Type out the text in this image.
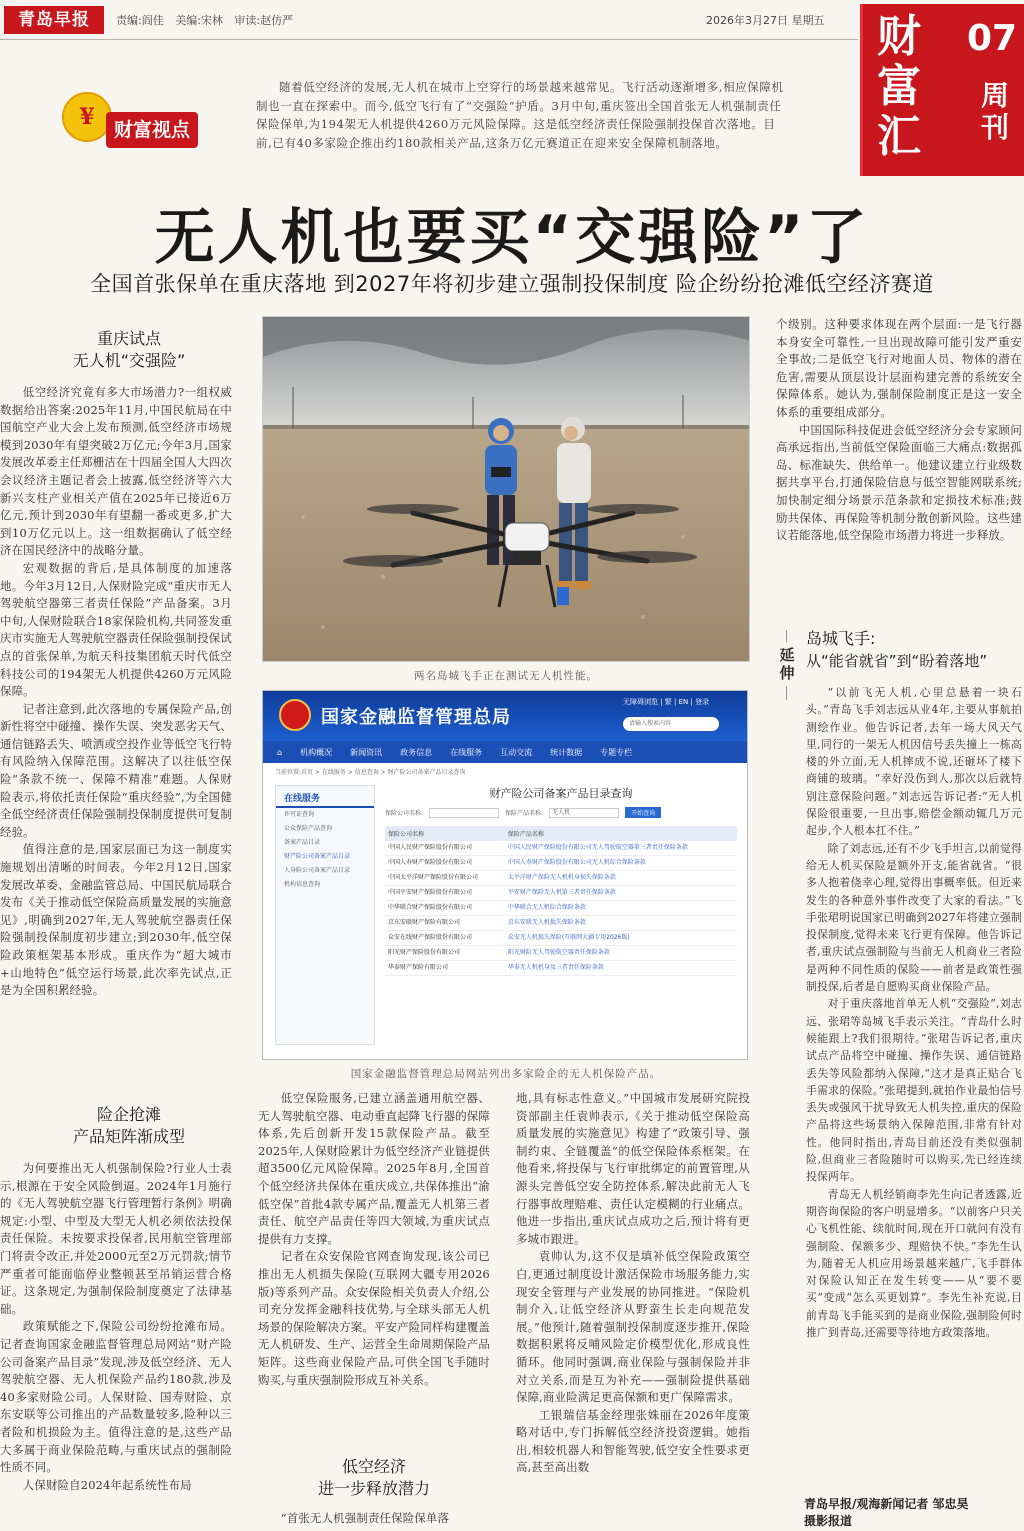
青岛早报	责编:阎佳 美编:宋林 审读:赵仿严	2026年3月27日 星期五 财富汇
07
周刊
¥	财富视点
随着低空经济的发展,无人机在城市上空穿行的场景越来越常见。飞行活动逐渐增多,相应保障机制也一直在探索中。而今,低空飞行有了“交强险”护盾。3月中旬,重庆签出全国首张无人机强制责任保险保单,为194架无人机提供4260万元风险保障。这是低空经济责任保险强制投保首次落地。目前,已有40多家险企推出约180款相关产品,这条万亿元赛道正在迎来安全保障机制落地。
无人机也要买“交强险”了
全国首张保单在重庆落地 到2027年将初步建立强制投保制度 险企纷纷抢滩低空经济赛道
重庆试点
无人机“交强险”

低空经济究竟有多大市场潜力?一组权威数据给出答案:2025年11月,中国民航局在中国航空产业大会上发布预测,低空经济市场规模到2030年有望突破2万亿元;今年3月,国家发展改革委主任郑栅洁在十四届全国人大四次会议经济主题记者会上披露,低空经济等六大新兴支柱产业相关产值在2025年已接近6万亿元,预计到2030年有望翻一番或更多,扩大到10万亿元以上。这一组数据确认了低空经济在国民经济中的战略分量。

宏观数据的背后,是具体制度的加速落地。今年3月12日,人保财险完成“重庆市无人驾驶航空器第三者责任保险”产品备案。3月中旬,人保财险联合18家保险机构,共同签发重庆市实施无人驾驶航空器责任保险强制投保试点的首张保单,为航天科技集团航天时代低空科技公司的194架无人机提供4260万元风险保障。

记者注意到,此次落地的专属保险产品,创新性将空中碰撞、操作失误、突发恶劣天气、通信链路丢失、喷洒或空投作业等低空飞行特有风险纳入保障范围。这解决了以往低空保险“条款不统一、保障不精准”难题。人保财险表示,将依托责任保险“重庆经验”,为全国健全低空经济责任保险强制投保制度提供可复制经验。

值得注意的是,国家层面已为这一制度实施规划出清晰的时间表。今年2月12日,国家发展改革委、金融监管总局、中国民航局联合发布《关于推动低空保险高质量发展的实施意见》,明确到2027年,无人驾驶航空器责任保险强制投保制度初步建立;到2030年,低空保险政策框架基本形成。重庆作为“超大城市+山地特色”低空运行场景,此次率先试点,正是为全国积累经验。

险企抢滩
产品矩阵渐成型

为何要推出无人机强制保险?行业人士表示,根源在于安全风险倒逼。2024年1月施行的《无人驾驶航空器飞行管理暂行条例》明确规定:小型、中型及大型无人机必须依法投保责任保险。未按要求投保者,民用航空管理部门将责令改正,并处2000元至2万元罚款;情节严重者可能面临停业整顿甚至吊销运营合格证。这条规定,为强制保险制度奠定了法律基础。

政策赋能之下,保险公司纷纷抢滩布局。记者查询国家金融监督管理总局网站“财产险公司备案产品目录”发现,涉及低空经济、无人驾驶航空器、无人机保险产品约180款,涉及40多家财险公司。人保财险、国寿财险、京东安联等公司推出的产品数量较多,险种以三者险和机损险为主。值得注意的是,这些产品大多属于商业保险范畴,与重庆试点的强制险性质不同。

人保财险自2024年起系统性布局

两名岛城飞手正在测试无人机性能。
国家金融监督管理总局
无障碍浏览 | 繁 | EN | 登录
请输入搜索内容
⌂ 机构概况 新闻资讯 政务信息 在线服务 互动交流 统计数据 专题专栏
当前位置:首页 > 在线服务 > 信息查询 > 财产险公司备案产品目录查询
在线服务
许可证查询
公众保险产品查询
备案产品目录
财产险公司备案产品目录
人身险公司备案产品目录
机构信息查询
财产险公司备案产品目录查询
保险公司名称:	保险产品名称:	无人机	开始查询
保险公司名称	保险产品名称
中国人民财产保险股份有限公司	中国人民财产保险股份有限公司无人驾驶航空器第三者责任保险条款
中国人寿财产保险股份有限公司	中国人寿财产保险股份有限公司无人机综合保险条款
中国太平洋财产保险股份有限公司	太平洋财产保险无人机机身损失保险条款
中国平安财产保险股份有限公司	平安财产保险无人机第三者责任保险条款
中华联合财产保险股份有限公司	中华联合无人机综合保险条款
京东安联财产保险有限公司	京东安联无人机损失保险条款
众安在线财产保险股份有限公司	众安无人机损失保险(互联网大疆专用2026版)
阳光财产保险股份有限公司	阳光财险无人驾驶航空器责任保险条款
华泰财产保险有限公司	华泰无人机机身及三者责任保险条款
国家金融监督管理总局网站列出多家险企的无人机保险产品。

低空保险服务,已建立涵盖通用航空器、无人驾驶航空器、电动垂直起降飞行器的保障体系,先后创新开发15款保险产品。截至2025年,人保财险累计为低空经济产业链提供超3500亿元风险保障。2025年8月,全国首个低空经济共保体在重庆成立,共保体推出“渝低空保”首批4款专属产品,覆盖无人机第三者责任、航空产品责任等四大领域,为重庆试点提供有力支撑。

记者在众安保险官网查询发现,该公司已推出无人机损失保险(互联网大疆专用2026版)等系列产品。众安保险相关负责人介绍,公司充分发挥金融科技优势,与全球头部无人机场景的保险解决方案。平安产险同样构建覆盖无人机研发、生产、运营全生命周期保险产品矩阵。这些商业保险产品,可供全国飞手随时购买,与重庆强制险形成互补关系。

低空经济
进一步释放潜力

“首张无人机强制责任保险保单落

地,具有标志性意义。”中国城市发展研究院投资部副主任袁帅表示,《关于推动低空保险高质量发展的实施意见》构建了“政策引导、强制约束、全链覆盖”的低空保险体系框架。在他看来,将投保与飞行审批绑定的前置管理,从源头完善低空安全防控体系,解决此前无人飞行器事故理赔难、责任认定模糊的行业痛点。他进一步指出,重庆试点成功之后,预计将有更多城市跟进。

袁帅认为,这不仅是填补低空保险政策空白,更通过制度设计激活保险市场服务能力,实现安全管理与产业发展的协同推进。“保险机制介入,让低空经济从野蛮生长走向规范发展。”他预计,随着强制投保制度逐步推开,保险数据积累将反哺风险定价模型优化,形成良性循环。他同时强调,商业保险与强制保险并非对立关系,而是互为补充——强制险提供基础保障,商业险满足更高保额和更广保障需求。

工银瑞信基金经理张姝丽在2026年度策略对话中,专门拆解低空经济投资逻辑。她指出,相较机器人和智能驾驶,低空安全性要求更高,甚至高出数

个级别。这种要求体现在两个层面:一是飞行器本身安全可靠性,一旦出现故障可能引发严重安全事故;二是低空飞行对地面人员、物体的潜在危害,需要从顶层设计层面构建完善的系统安全保障体系。她认为,强制保险制度正是这一安全体系的重要组成部分。

中国国际科技促进会低空经济分会专家顾问高承远指出,当前低空保险面临三大痛点:数据孤岛、标准缺失、供给单一。他建议建立行业级数据共享平台,打通保险信息与低空智能网联系统;加快制定细分场景示范条款和定损技术标准;鼓励共保体、再保险等机制分散创新风险。这些建议若能落地,低空保险市场潜力将进一步释放。

延伸
岛城飞手:
从“能省就省”到“盼着落地”

“以前飞无人机,心里总悬着一块石头。”青岛飞手刘志远从业4年,主要从事航拍测绘作业。他告诉记者,去年一场大风天气里,同行的一架无人机因信号丢失撞上一栋高楼的外立面,无人机摔成不说,还砸坏了楼下商铺的玻璃。“幸好没伤到人,那次以后就特别注意保险问题。”刘志远告诉记者:“无人机保险很重要,一旦出事,赔偿金额动辄几万元起步,个人根本扛不住。”

除了刘志远,还有不少飞手坦言,以前觉得给无人机买保险是额外开支,能省就省。“很多人抱着侥幸心理,觉得出事概率低。但近来发生的各种意外事件改变了大家的看法。”飞手张珺明说国家已明确到2027年将建立强制投保制度,觉得未来飞行更有保障。他告诉记者,重庆试点强制险与当前无人机商业三者险是两种不同性质的保险——前者是政策性强制投保,后者是自愿购买商业保险产品。

对于重庆落地首单无人机“交强险”,刘志远、张珺等岛城飞手表示关注。“青岛什么时候能跟上?我们很期待。”张珺告诉记者,重庆试点产品将空中碰撞、操作失误、通信链路丢失等风险都纳入保障,“这才是真正贴合飞手需求的保险。”张珺提到,就拍作业最怕信号丢失或强风干扰导致无人机失控,重庆的保险产品将这些场景纳入保障范围,非常有针对性。他同时指出,青岛目前还没有类似强制险,但商业三者险随时可以购买,先已经连续投保两年。

青岛无人机经销商李先生向记者透露,近期咨询保险的客户明显增多。“以前客户只关心飞机性能、续航时间,现在开口就问有没有强制险、保额多少、理赔快不快。”李先生认为,随着无人机应用场景越来越广,飞手群体对保险认知正在发生转变——从“要不要买”变成“怎么买更划算”。李先生补充说,目前青岛飞手能买到的是商业保险,强制险何时推广到青岛,还需要等待地方政策落地。

青岛早报/观海新闻记者 邹忠昊
摄影报道
